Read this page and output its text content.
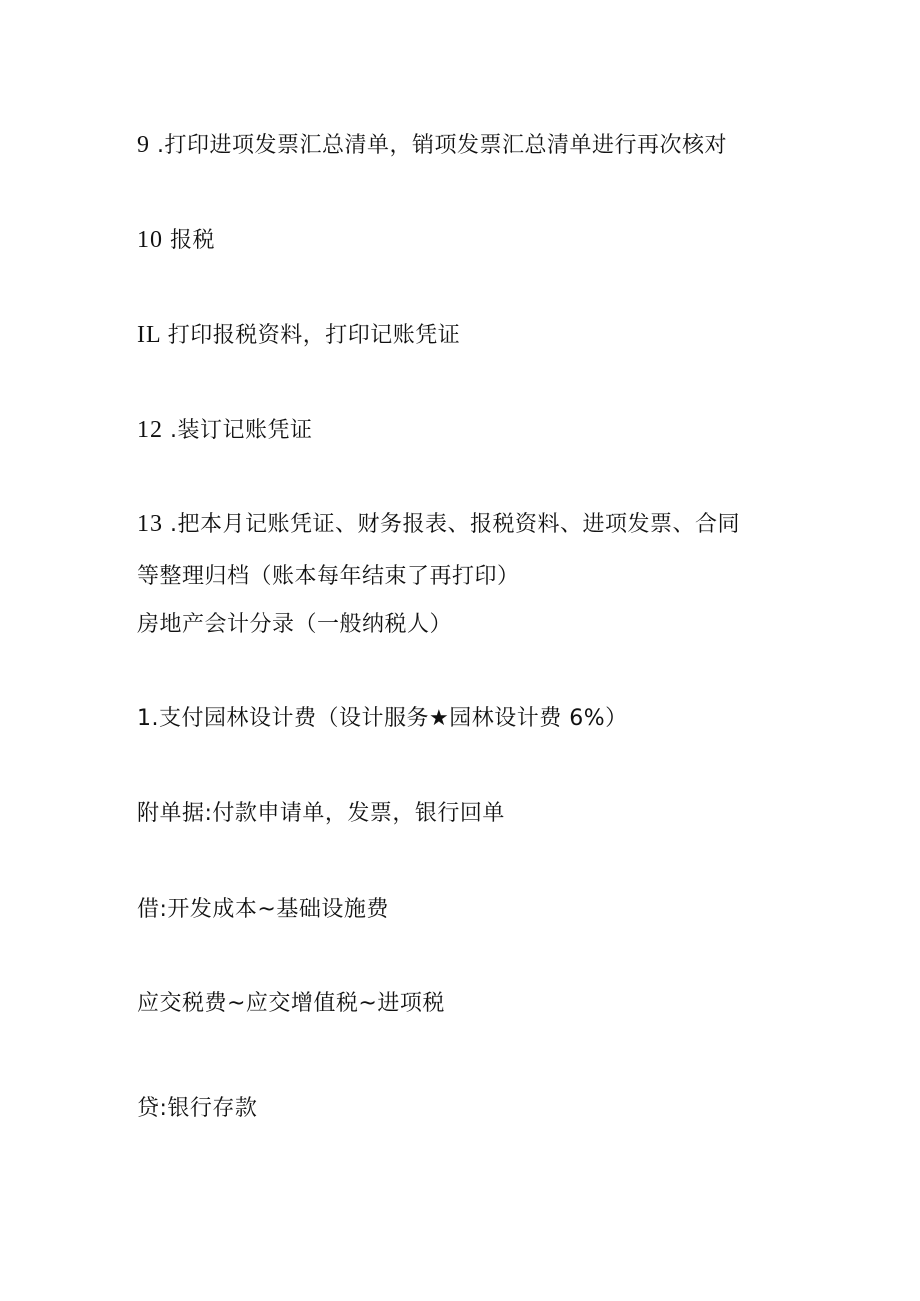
9 .打印进项发票汇总清单，销项发票汇总清单进行再次核对
10 报税
IL 打印报税资料，打印记账凭证
12 .装订记账凭证
13 .把本月记账凭证、财务报表、报税资料、进项发票、合同
等整理归档（账本每年结束了再打印）
房地产会计分录（一般纳税人）
1.支付园林设计费（设计服务★园林设计费 6%）
附单据:付款申请单，发票，银行回单
借:开发成本~基础设施费
应交税费~应交增值税~进项税
贷:银行存款
